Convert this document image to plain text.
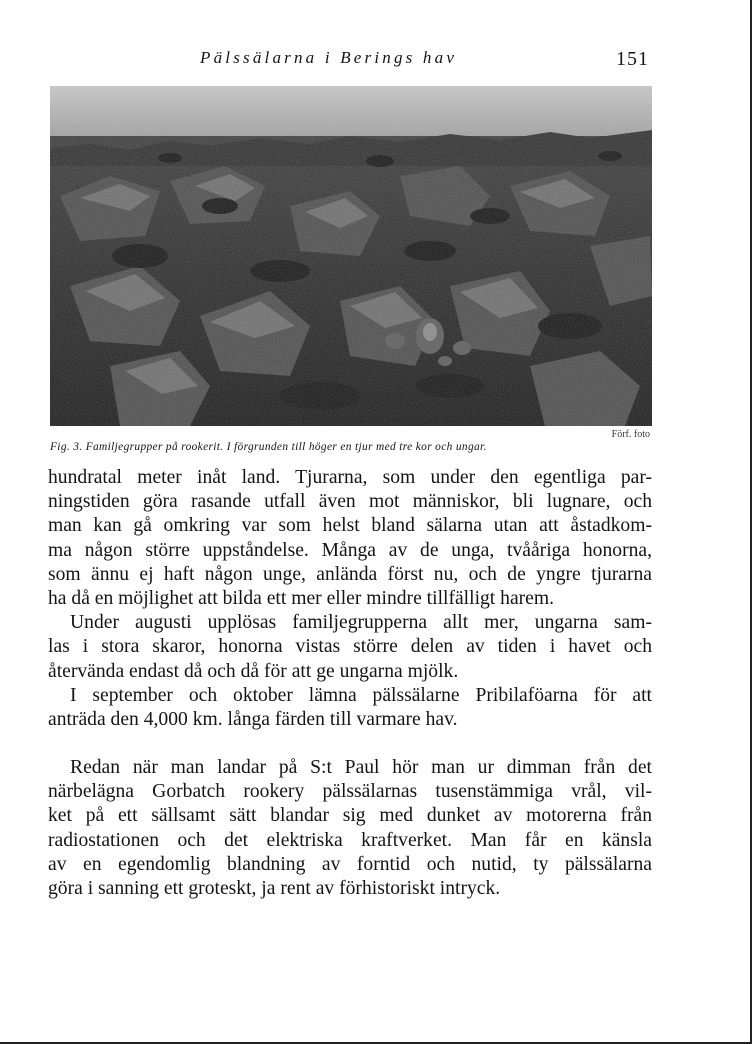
Pälssälarna i Berings hav	151
Förf. foto
Fig. 3. Familjegrupper på rookerit. I förgrunden till höger en tjur med tre kor och ungar.
hundratal meter inåt land. Tjurarna, som under den egentliga par-
ningstiden göra rasande utfall även mot människor, bli lugnare, och
man kan gå omkring var som helst bland sälarna utan att åstadkom-
ma någon större uppståndelse. Många av de unga, tvååriga honorna,
som ännu ej haft någon unge, anlända först nu, och de yngre tjurarna
ha då en möjlighet att bilda ett mer eller mindre tillfälligt harem.
Under augusti upplösas familjegrupperna allt mer, ungarna sam-
las i stora skaror, honorna vistas större delen av tiden i havet och
återvända endast då och då för att ge ungarna mjölk.
I september och oktober lämna pälssälarne Pribilaföarna för att
anträda den 4,000 km. långa färden till varmare hav.
Redan när man landar på S:t Paul hör man ur dimman från det
närbelägna Gorbatch rookery pälssälarnas tusenstämmiga vrål, vil-
ket på ett sällsamt sätt blandar sig med dunket av motorerna från
radiostationen och det elektriska kraftverket. Man får en känsla
av en egendomlig blandning av forntid och nutid, ty pälssälarna
göra i sanning ett groteskt, ja rent av förhistoriskt intryck.
